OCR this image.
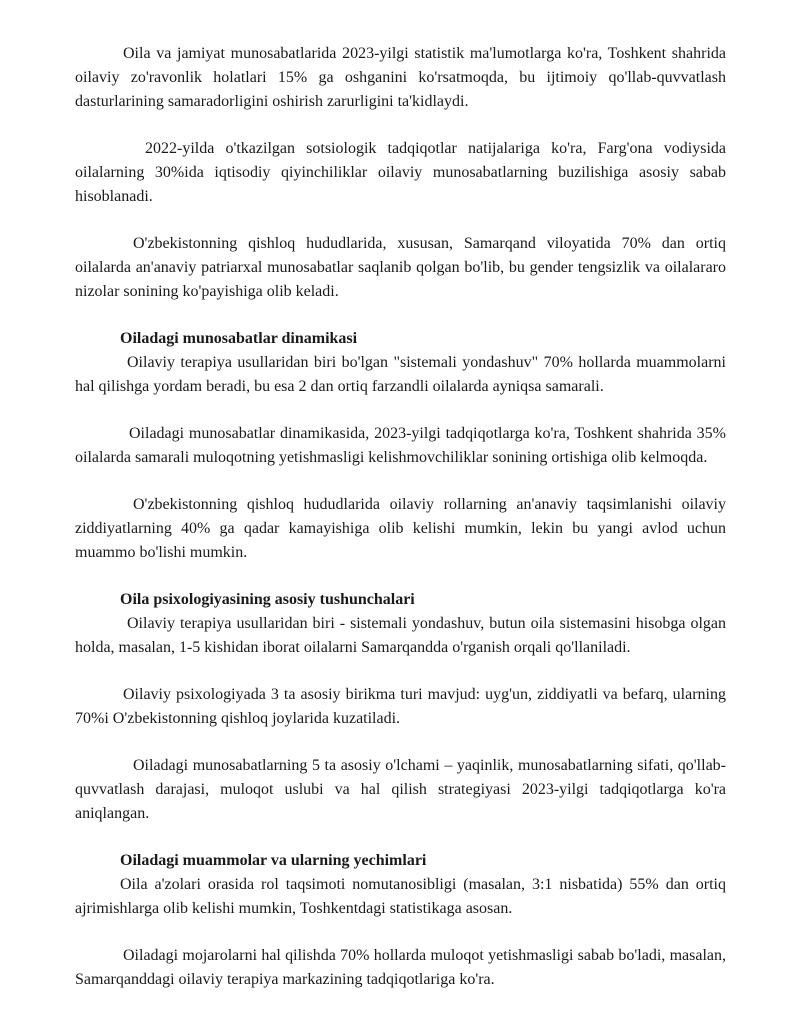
Oila va jamiyat munosabatlarida 2023-yilgi statistik ma'lumotlarga ko'ra, Toshkent shahrida oilaviy zo'ravonlik holatlari 15% ga oshganini ko'rsatmoqda, bu ijtimoiy qo'llab-quvvatlash dasturlarining samaradorligini oshirish zarurligini ta'kidlaydi.

2022-yilda o'tkazilgan sotsiologik tadqiqotlar natijalariga ko'ra, Farg'ona vodiysida oilalarning 30%ida iqtisodiy qiyinchiliklar oilaviy munosabatlarning buzilishiga asosiy sabab hisoblanadi.

O'zbekistonning qishloq hududlarida, xususan, Samarqand viloyatida 70% dan ortiq oilalarda an'anaviy patriarxal munosabatlar saqlanib qolgan bo'lib, bu gender tengsizlik va oilalararo nizolar sonining ko'payishiga olib keladi.

Oiladagi munosabatlar dinamikasi

Oilaviy terapiya usullaridan biri bo'lgan "sistemali yondashuv" 70% hollarda muammolarni hal qilishga yordam beradi, bu esa 2 dan ortiq farzandli oilalarda ayniqsa samarali.

Oiladagi munosabatlar dinamikasida, 2023-yilgi tadqiqotlarga ko'ra, Toshkent shahrida 35% oilalarda samarali muloqotning yetishmasligi kelishmovchiliklar sonining ortishiga olib kelmoqda.

O'zbekistonning qishloq hududlarida oilaviy rollarning an'anaviy taqsimlanishi oilaviy ziddiyatlarning 40% ga qadar kamayishiga olib kelishi mumkin, lekin bu yangi avlod uchun muammo bo'lishi mumkin.

Oila psixologiyasining asosiy tushunchalari

Oilaviy terapiya usullaridan biri - sistemali yondashuv, butun oila sistemasini hisobga olgan holda, masalan, 1-5 kishidan iborat oilalarni Samarqandda o'rganish orqali qo'llaniladi.

Oilaviy psixologiyada 3 ta asosiy birikma turi mavjud: uyg'un, ziddiyatli va befarq, ularning 70%i O'zbekistonning qishloq joylarida kuzatiladi.

Oiladagi munosabatlarning 5 ta asosiy o'lchami – yaqinlik, munosabatlarning sifati, qo'llab-quvvatlash darajasi, muloqot uslubi va hal qilish strategiyasi 2023-yilgi tadqiqotlarga ko'ra aniqlangan.

Oiladagi muammolar va ularning yechimlari

Oila a'zolari orasida rol taqsimoti nomutanosibligi (masalan, 3:1 nisbatida) 55% dan ortiq ajrimishlarga olib kelishi mumkin, Toshkentdagi statistikaga asosan.

Oiladagi mojarolarni hal qilishda 70% hollarda muloqot yetishmasligi sabab bo'ladi, masalan, Samarqanddagi oilaviy terapiya markazining tadqiqotlariga ko'ra.
